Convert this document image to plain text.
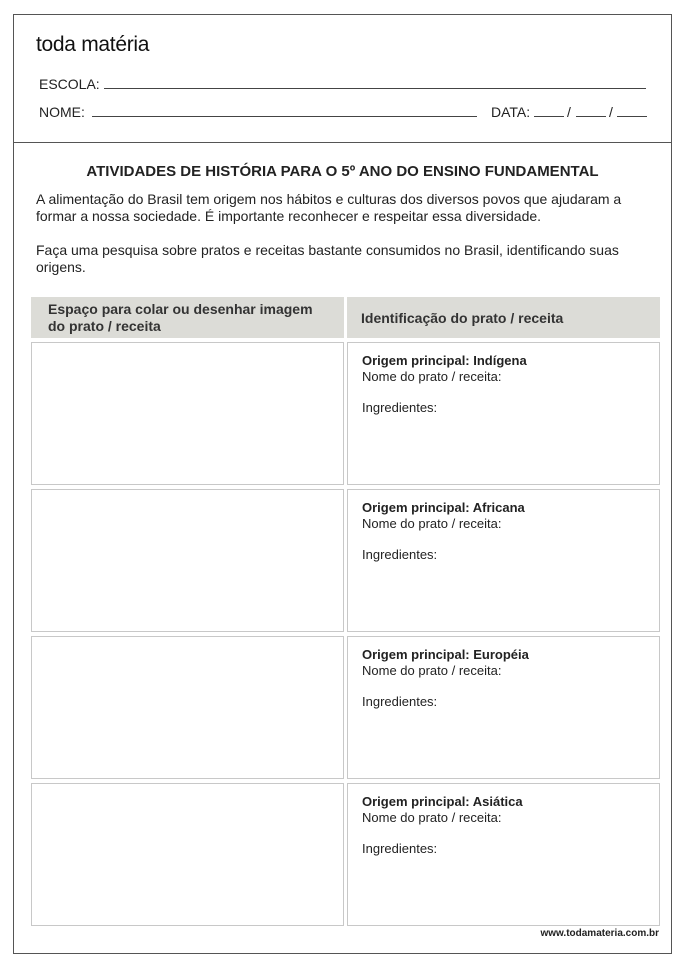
toda matéria
ESCOLA:
NOME:	DATA:	/	/
ATIVIDADES DE HISTÓRIA PARA O 5º ANO DO ENSINO FUNDAMENTAL
A alimentação do Brasil tem origem nos hábitos e culturas dos diversos povos que ajudaram a formar a nossa sociedade. É importante reconhecer e respeitar essa diversidade.
Faça uma pesquisa sobre pratos e receitas bastante consumidos no Brasil, identificando suas origens.
Espaço para colar ou desenhar imagem do prato / receita	Identificação do prato / receita
Origem principal: Indígena
Nome do prato / receita:
Ingredientes:
Origem principal: Africana
Nome do prato / receita:
Ingredientes:
Origem principal: Européia
Nome do prato / receita:
Ingredientes:
Origem principal: Asiática
Nome do prato / receita:
Ingredientes:
www.todamateria.com.br
